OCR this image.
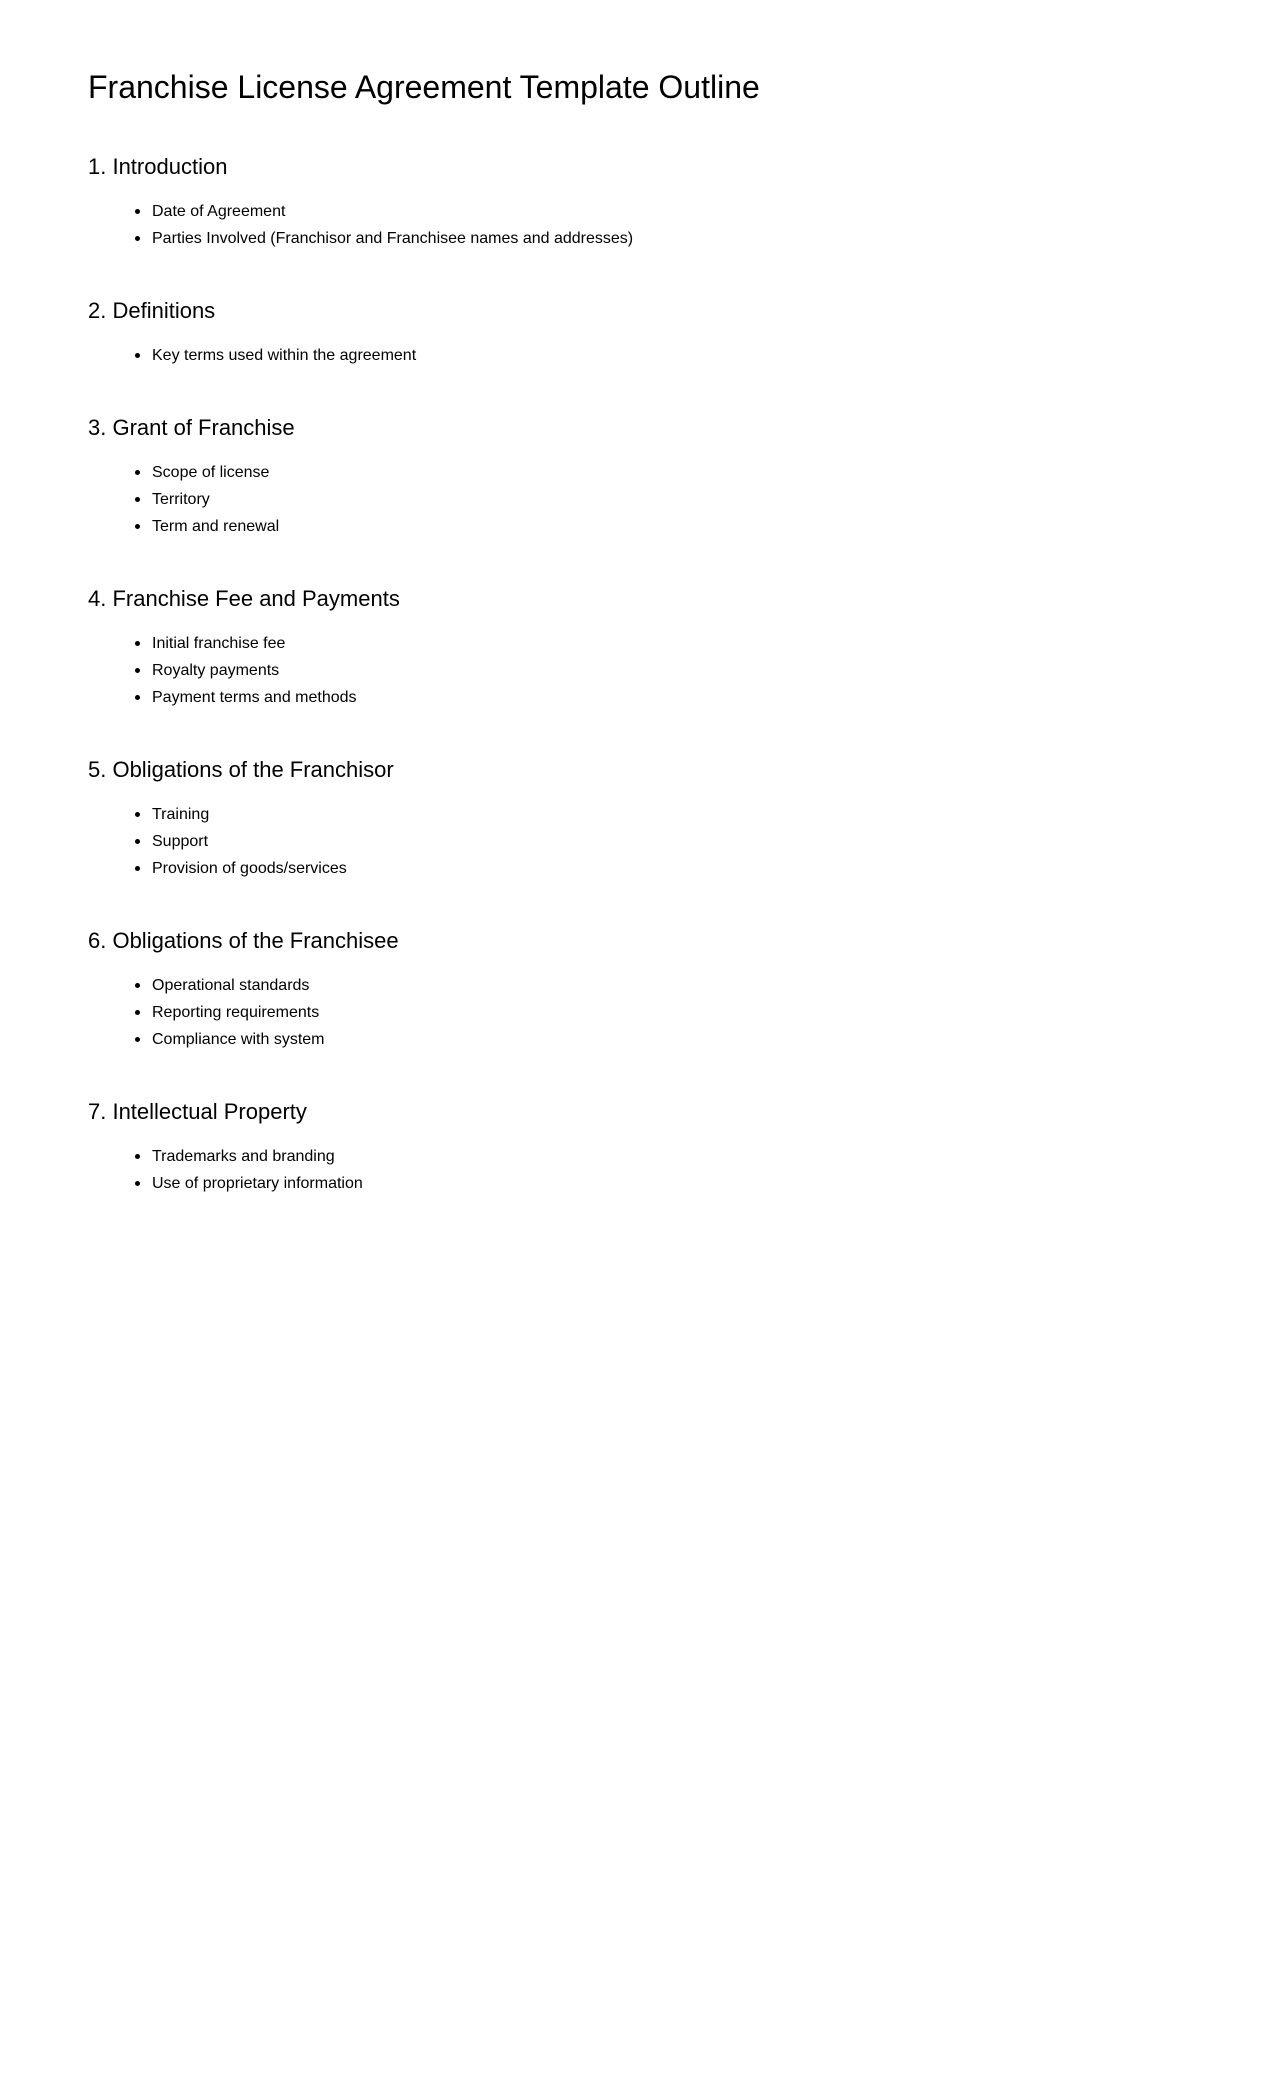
Franchise License Agreement Template Outline
1. Introduction
Date of Agreement
Parties Involved (Franchisor and Franchisee names and addresses)
2. Definitions
Key terms used within the agreement
3. Grant of Franchise
Scope of license
Territory
Term and renewal
4. Franchise Fee and Payments
Initial franchise fee
Royalty payments
Payment terms and methods
5. Obligations of the Franchisor
Training
Support
Provision of goods/services
6. Obligations of the Franchisee
Operational standards
Reporting requirements
Compliance with system
7. Intellectual Property
Trademarks and branding
Use of proprietary information
